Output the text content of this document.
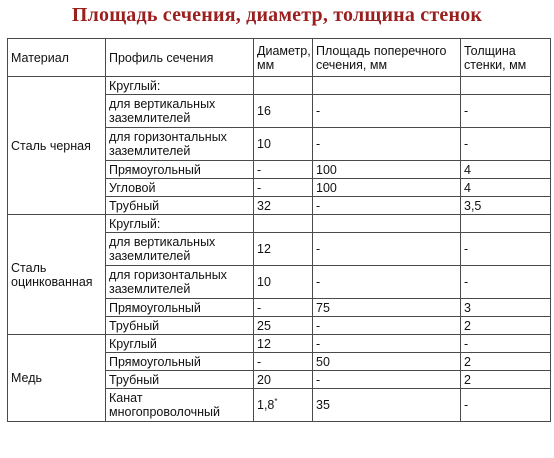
Площадь сечения, диаметр, толщина стенок
Материал	Профиль сечения	Диаметр, мм	Площадь поперечного сечения, мм	Толщина стенки, мм
Сталь черная	Круглый:			
	для вертикальных заземлителей	16	-	-
	для горизонтальных заземлителей	10	-	-
	Прямоугольный	-	100	4
	Угловой	-	100	4
	Трубный	32	-	3,5
Сталь оцинкованная	Круглый:			
	для вертикальных заземлителей	12	-	-
	для горизонтальных заземлителей	10	-	-
	Прямоугольный	-	75	3
	Трубный	25	-	2
Медь	Круглый	12	-	-
	Прямоугольный	-	50	2
	Трубный	20	-	2
	Канат многопроволочный	1,8*	35	-
